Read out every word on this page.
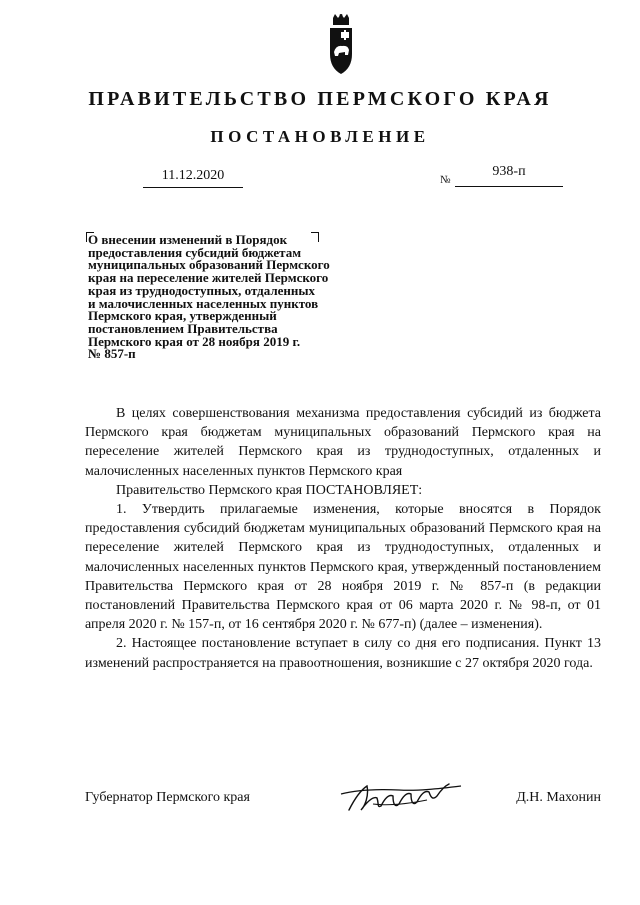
ПРАВИТЕЛЬСТВО ПЕРМСКОГО КРАЯ
ПОСТАНОВЛЕНИЕ
11.12.2020	№
938-п
О внесении изменений в Порядок
предоставления субсидий бюджетам
муниципальных образований Пермского
края на переселение жителей Пермского
края из труднодоступных, отдаленных
и малочисленных населенных пунктов
Пермского края, утвержденный
постановлением Правительства
Пермского края от 28 ноября 2019 г.
№ 857-п

В целях совершенствования механизма предоставления субсидий из бюджета Пермского края бюджетам муниципальных образований Пермского края на переселение жителей Пермского края из труднодоступных, отдаленных и малочисленных населенных пунктов Пермского края

Правительство Пермского края ПОСТАНОВЛЯЕТ:

1. Утвердить прилагаемые изменения, которые вносятся в Порядок предоставления субсидий бюджетам муниципальных образований Пермского края на переселение жителей Пермского края из труднодоступных, отдаленных и малочисленных населенных пунктов Пермского края, утвержденный постановлением Правительства Пермского края от 28 ноября 2019 г. № 857-п (в редакции постановлений Правительства Пермского края от 06 марта 2020 г. № 98-п, от 01 апреля 2020 г. № 157-п, от 16 сентября 2020 г. № 677-п) (далее – изменения).

2. Настоящее постановление вступает в силу со дня его подписания. Пункт 13 изменений распространяется на правоотношения, возникшие с 27 октября 2020 года.

Губернатор Пермского края	Д.Н. Махонин
